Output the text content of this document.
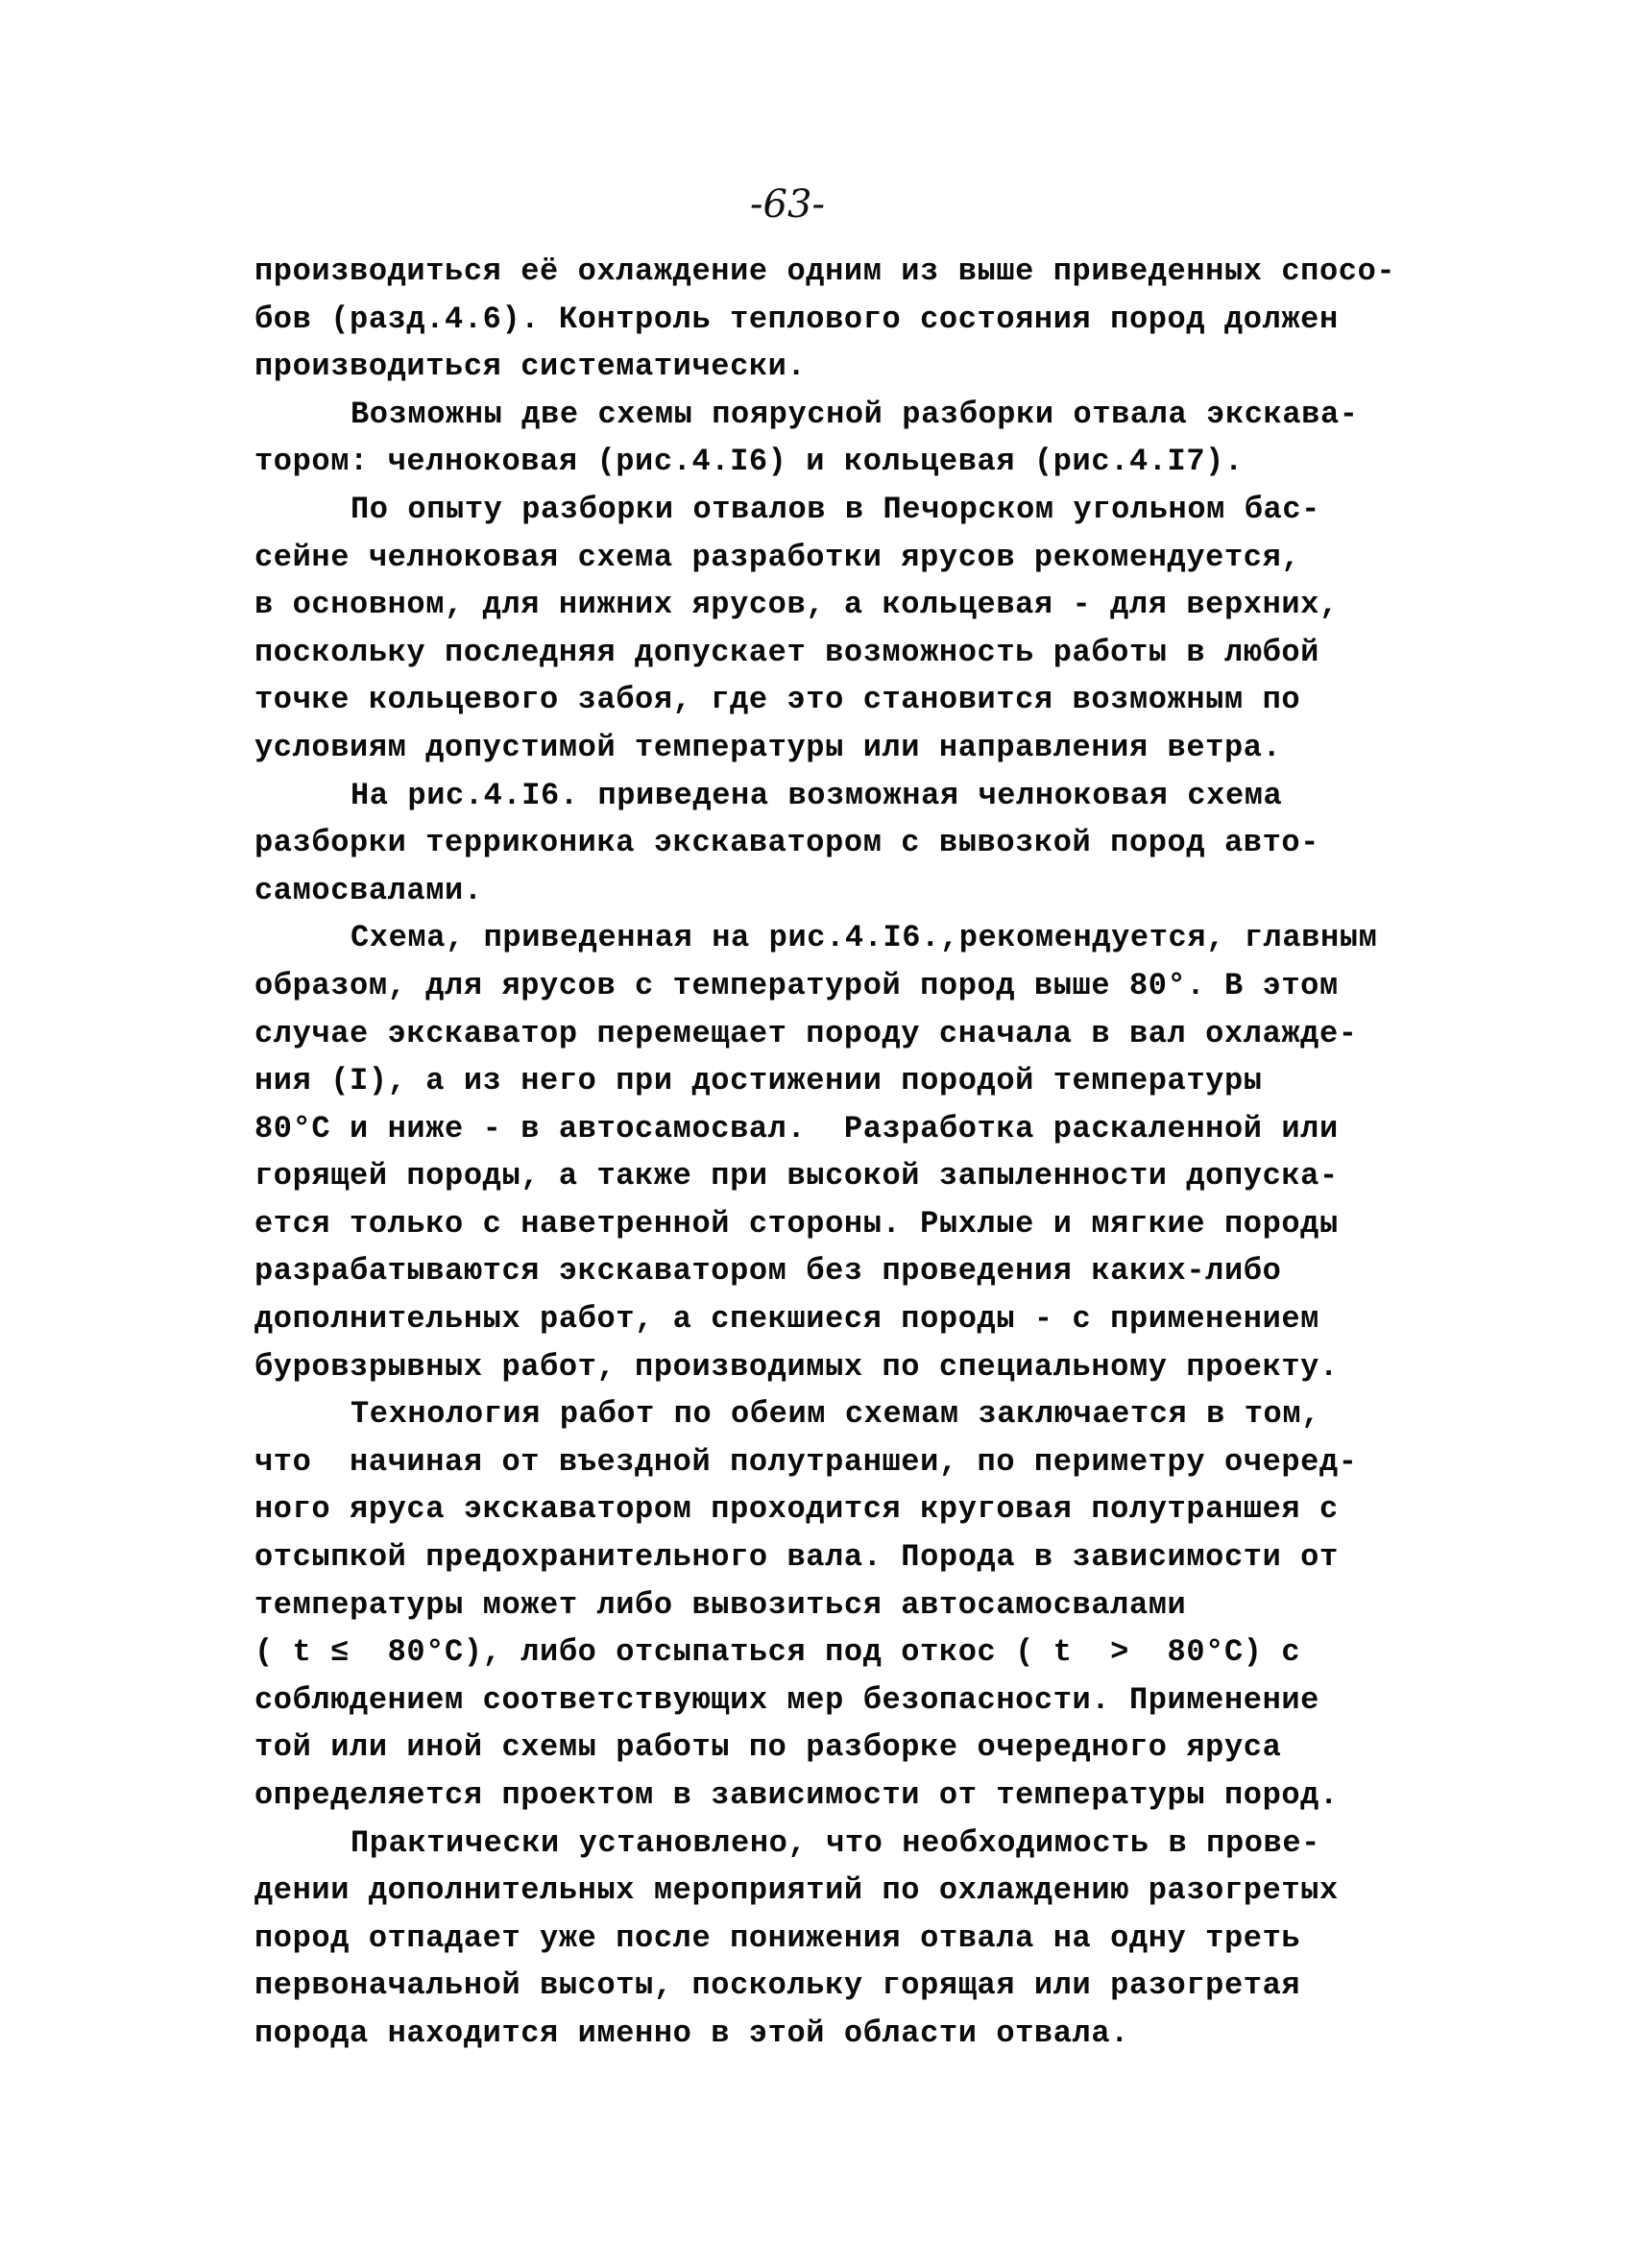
-63-
производиться её охлаждение одним из выше приведенных спосо-
бов (разд.4.6). Контроль теплового состояния пород должен
производиться систематически.
Возможны две схемы поярусной разборки отвала экскава-
тором: челноковая (рис.4.I6) и кольцевая (рис.4.I7).
По опыту разборки отвалов в Печорском угольном бас-
сейне челноковая схема разработки ярусов рекомендуется,
в основном, для нижних ярусов, а кольцевая - для верхних,
поскольку последняя допускает возможность работы в любой
точке кольцевого забоя, где это становится возможным по
условиям допустимой температуры или направления ветра.
На рис.4.I6. приведена возможная челноковая схема
разборки терриконика экскаватором с вывозкой пород авто-
самосвалами.
Схема, приведенная на рис.4.I6.,рекомендуется, главным
образом, для ярусов с температурой пород выше 80°. В этом
случае экскаватор перемещает породу сначала в вал охлажде-
ния (I), а из него при достижении породой температуры
80°С и ниже - в автосамосвал.  Разработка раскаленной или
горящей породы, а также при высокой запыленности допуска-
ется только с наветренной стороны. Рыхлые и мягкие породы
разрабатываются экскаватором без проведения каких-либо
дополнительных работ, а спекшиеся породы - с применением
буровзрывных работ, производимых по специальному проекту.
Технология работ по обеим схемам заключается в том,
что  начиная от въездной полутраншеи, по периметру очеред-
ного яруса экскаватором проходится круговая полутраншея с
отсыпкой предохранительного вала. Порода в зависимости от
температуры может либо вывозиться автосамосвалами
( t ≤  80°С), либо отсыпаться под откос ( t  >  80°С) с
соблюдением соответствующих мер безопасности. Применение
той или иной схемы работы по разборке очередного яруса
определяется проектом в зависимости от температуры пород.
Практически установлено, что необходимость в прове-
дении дополнительных мероприятий по охлаждению разогретых
пород отпадает уже после понижения отвала на одну треть
первоначальной высоты, поскольку горящая или разогретая
порода находится именно в этой области отвала.
